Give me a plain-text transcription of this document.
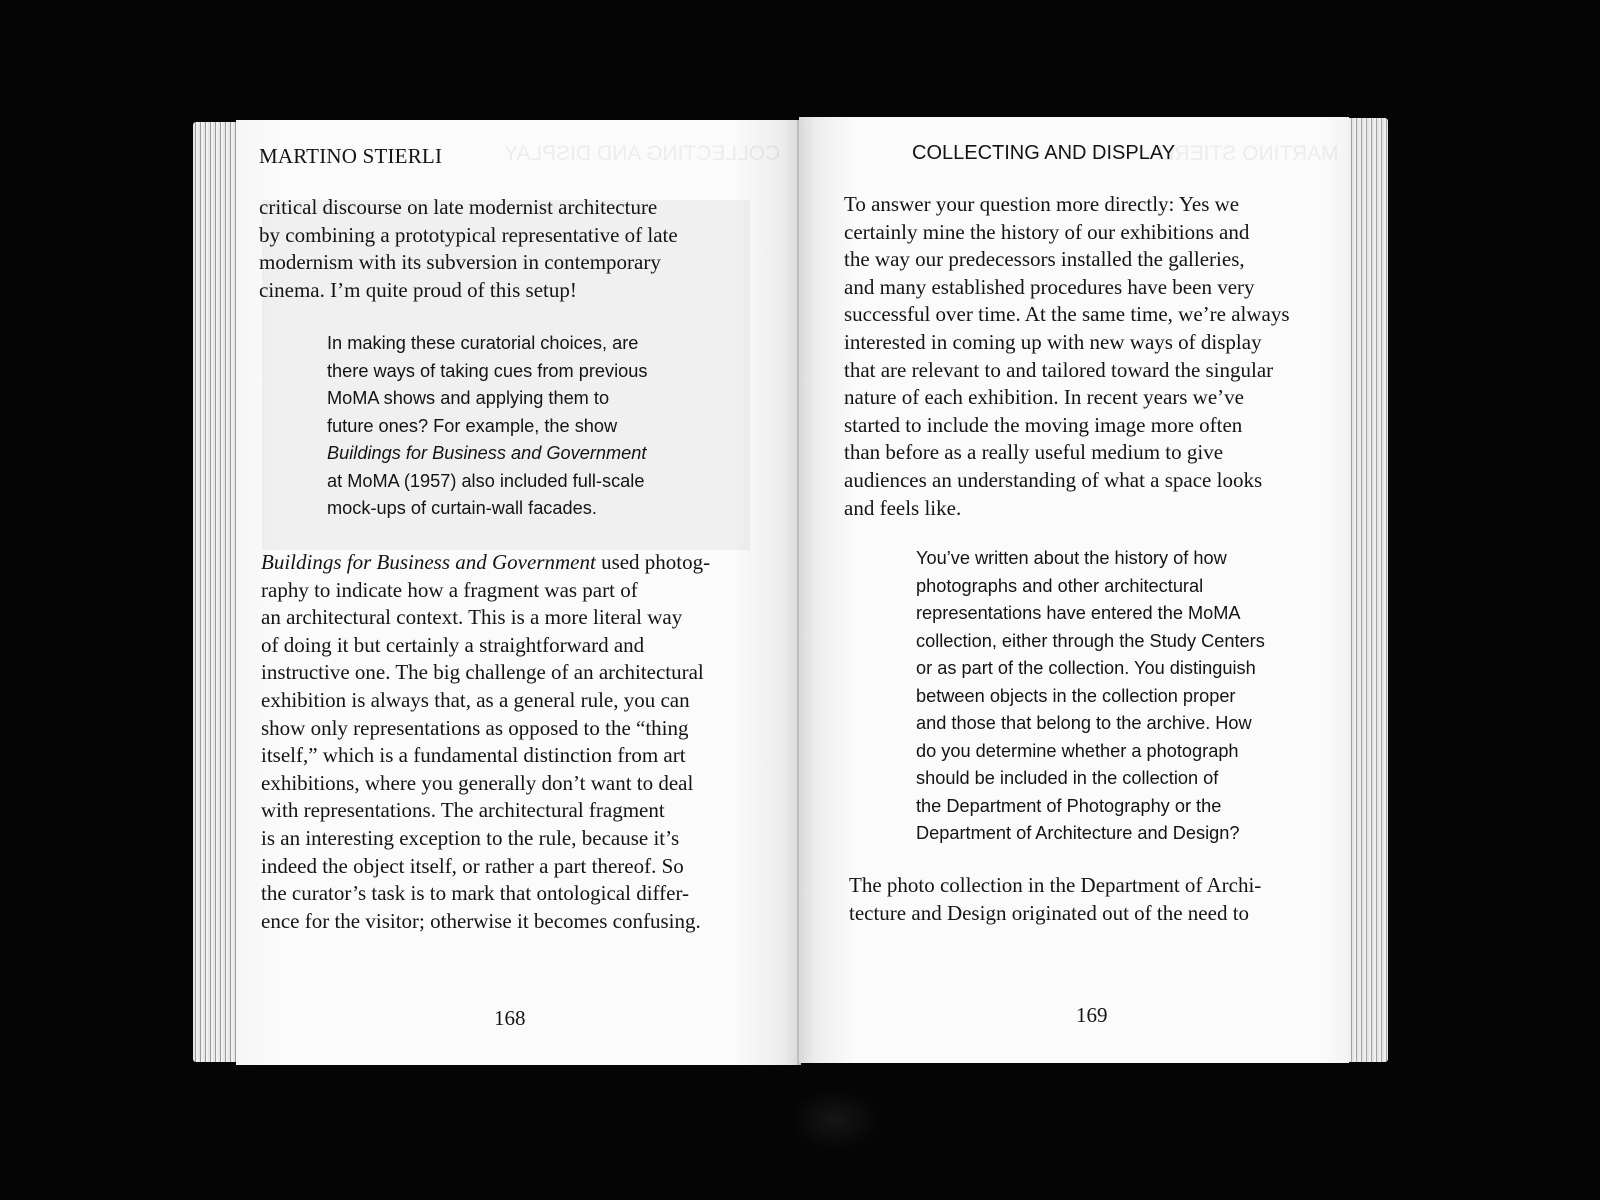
COLLECTING AND DISPLAY
MARTINO STIERLI

critical discourse on late modernist architecture
by combining a prototypical representative of late
modernism with its subversion in contemporary
cinema. I’m quite proud of this setup!

In making these curatorial choices, are
there ways of taking cues from previous
MoMA shows and applying them to
future ones? For example, the show
Buildings for Business and Government
at MoMA (1957) also included full-scale
mock-ups of curtain-wall facades.

Buildings for Business and Government used photog-
raphy to indicate how a fragment was part of
an architectural context. This is a more literal way
of doing it but certainly a straightforward and
instructive one. The big challenge of an architectural
exhibition is always that, as a general rule, you can
show only representations as opposed to the “thing
itself,” which is a fundamental distinction from art
exhibitions, where you generally don’t want to deal
with representations. The architectural fragment
is an interesting exception to the rule, because it’s
indeed the object itself, or rather a part thereof. So
the curator’s task is to mark that ontological differ-
ence for the visitor; otherwise it becomes confusing.

168
MARTINO STIERLI
COLLECTING AND DISPLAY

To answer your question more directly: Yes we
certainly mine the history of our exhibitions and
the way our predecessors installed the galleries,
and many established procedures have been very
successful over time. At the same time, we’re always
interested in coming up with new ways of display
that are relevant to and tailored toward the singular
nature of each exhibition. In recent years we’ve
started to include the moving image more often
than before as a really useful medium to give
audiences an understanding of what a space looks
and feels like.

You’ve written about the history of how
photographs and other architectural
representations have entered the MoMA
collection, either through the Study Centers
or as part of the collection. You distinguish
between objects in the collection proper
and those that belong to the archive. How
do you determine whether a photograph
should be included in the collection of
the Department of Photography or the
Department of Architecture and Design?

The photo collection in the Department of Archi-
tecture and Design originated out of the need to

169
